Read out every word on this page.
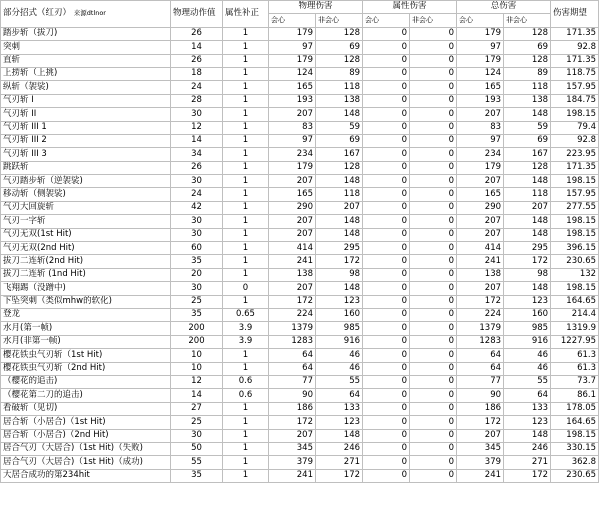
部分招式（红刃） 来源dtlnor	物理动作值	属性补正	物理伤害		属性伤害		总伤害		伤害期望
			会心	非会心	会心	非会心	会心	非会心	
踏步斩（拔刀)	26	1	179	128	0	0	179	128	171.35
突刺	14	1	97	69	0	0	97	69	92.8
直斩	26	1	179	128	0	0	179	128	171.35
上捞斩（上挑)	18	1	124	89	0	0	124	89	118.75
纵斩（袈裟)	24	1	165	118	0	0	165	118	157.95
气刃斩 I	28	1	193	138	0	0	193	138	184.75
气刃斩 II	30	1	207	148	0	0	207	148	198.15
气刃斩 III 1	12	1	83	59	0	0	83	59	79.4
气刃斩 III 2	14	1	97	69	0	0	97	69	92.8
气刃斩 III 3	34	1	234	167	0	0	234	167	223.95
跳跃斩	26	1	179	128	0	0	179	128	171.35
气刃踏步斩（逆袈裟)	30	1	207	148	0	0	207	148	198.15
移动斩（侧袈裟)	24	1	165	118	0	0	165	118	157.95
气刃大回旋斩	42	1	290	207	0	0	290	207	277.55
气刃一字斩	30	1	207	148	0	0	207	148	198.15
气刃无双(1st Hit)	30	1	207	148	0	0	207	148	198.15
气刃无双(2nd Hit)	60	1	414	295	0	0	414	295	396.15
拔刀二连斩(2nd Hit)	35	1	241	172	0	0	241	172	230.65
拔刀二连斩 (1nd Hit)	20	1	138	98	0	0	138	98	132
飞翔踢（没蹭中)	30	0	207	148	0	0	207	148	198.15
下坠突刺（类似mhw的软化)	25	1	172	123	0	0	172	123	164.65
登龙	35	0.65	224	160	0	0	224	160	214.4
水月(第一帧)	200	3.9	1379	985	0	0	1379	985	1319.9
水月(非第一帧)	200	3.9	1283	916	0	0	1283	916	1227.95
樱花铁虫气刃斩（1st Hit)	10	1	64	46	0	0	64	46	61.3
樱花铁虫气刃斩（2nd Hit)	10	1	64	46	0	0	64	46	61.3
（樱花的追击)	12	0.6	77	55	0	0	77	55	73.7
（樱花第二刀的追击)	14	0.6	90	64	0	0	90	64	86.1
看破斩（见切)	27	1	186	133	0	0	186	133	178.05
居合斩（小居合)（1st Hit)	25	1	172	123	0	0	172	123	164.65
居合斩（小居合)（2nd Hit)	30	1	207	148	0	0	207	148	198.15
居合气刃（大居合)（1st Hit)（失败)	50	1	345	246	0	0	345	246	330.15
居合气刃（大居合)（1st Hit)（成功)	55	1	379	271	0	0	379	271	362.8
大居合成功的第234hit	35	1	241	172	0	0	241	172	230.65
